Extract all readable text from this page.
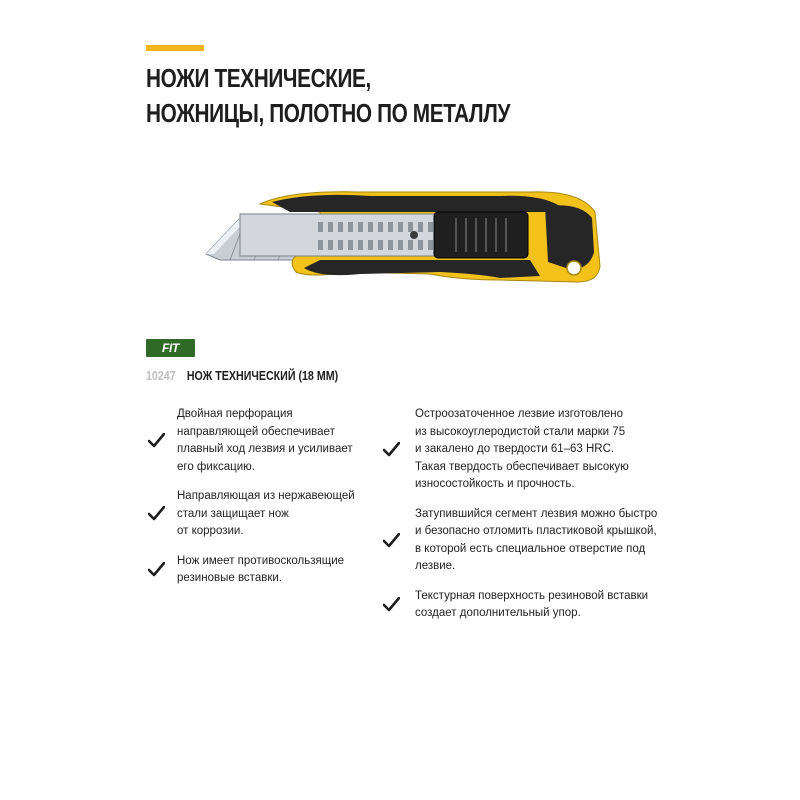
НОЖИ ТЕХНИЧЕСКИЕ,
НОЖНИЦЫ, ПОЛОТНО ПО МЕТАЛЛУ
FIT
10247 НОЖ ТЕХНИЧЕСКИЙ (18 ММ)
Двойная перфорация
направляющей обеспечивает
плавный ход лезвия и усиливает
его фиксацию.
Направляющая из нержавеющей
стали защищает нож
от коррозии.
Нож имеет противоскользящие
резиновые вставки.
Остроозаточенное лезвие изготовлено
из высокоуглеродистой стали марки 75
и закалено до твердости 61–63 HRC.
Такая твердость обеспечивает высокую
износостойкость и прочность.
Затупившийся сегмент лезвия можно быстро
и безопасно отломить пластиковой крышкой,
в которой есть специальное отверстие под лезвие.
Текстурная поверхность резиновой вставки
создает дополнительный упор.
